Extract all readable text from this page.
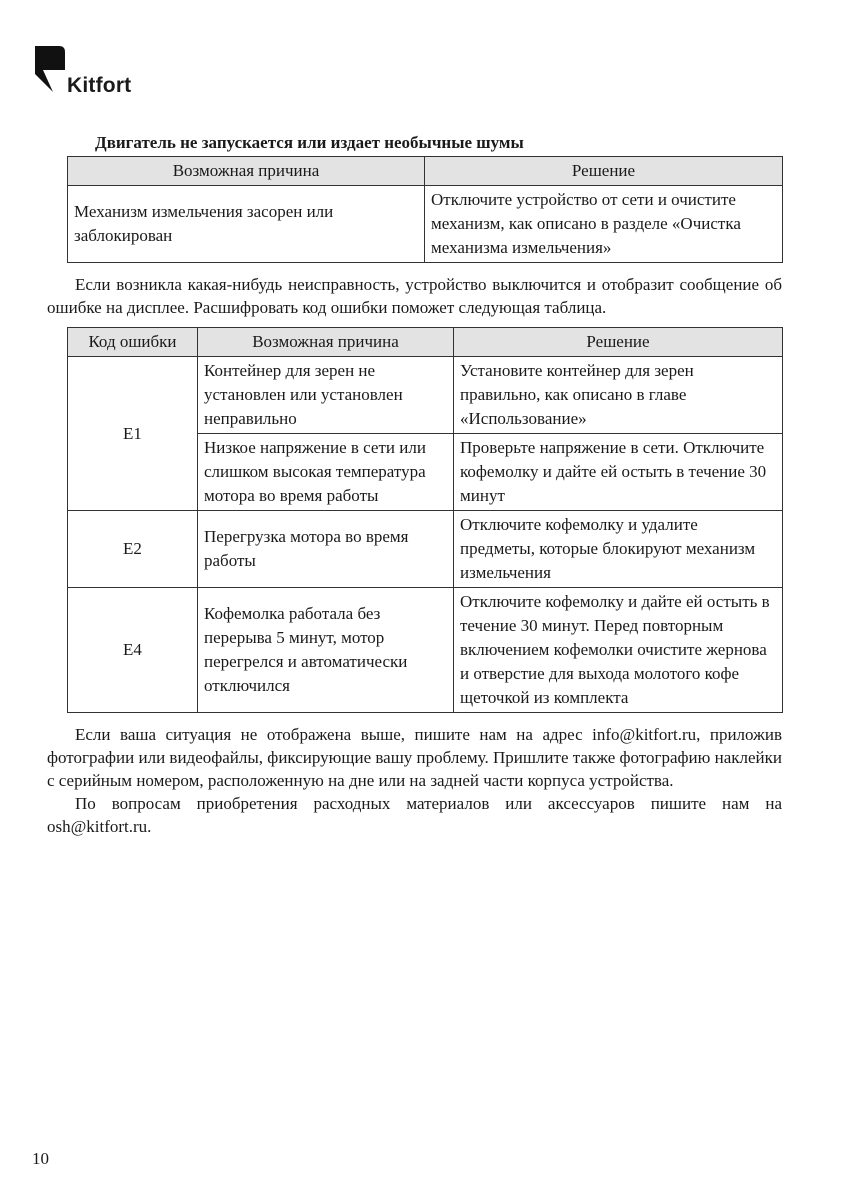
Kitfort
Двигатель не запускается или издает необычные шумы
Возможная причина	Решение
Механизм измельчения засорен или заблокирован	Отключите устройство от сети и очистите механизм, как описано в разделе «Очистка механизма измельчения»

Если возникла какая-нибудь неисправность, устройство выключится и отобразит сообщение об ошибке на дисплее. Расшифровать код ошибки поможет следующая таблица.

Код ошибки	Возможная причина	Решение
E1	Контейнер для зерен не установлен или установлен неправильно	Установите контейнер для зерен правильно, как описано в главе «Использование»
	Низкое напряжение в сети или слишком высокая температура мотора во время работы	Проверьте напряжение в сети. Отключите кофемолку и дайте ей остыть в течение 30 минут
E2	Перегрузка мотора во время работы	Отключите кофемолку и удалите предметы, которые блокируют механизм измельчения
E4	Кофемолка работала без перерыва 5 минут, мотор перегрелся и автоматически отключился	Отключите кофемолку и дайте ей остыть в течение 30 минут. Перед повторным включением кофемолки очистите жернова и отверстие для выхода молотого кофе щеточкой из комплекта

Если ваша ситуация не отображена выше, пишите нам на адрес info@kitfort.ru, приложив фотографии или видеофайлы, фиксирующие вашу проблему. Пришлите также фотографию наклейки с серийным номером, расположенную на дне или на задней части корпуса устройства.

По вопросам приобретения расходных материалов или аксессуаров пишите нам на osh@kitfort.ru.

10
